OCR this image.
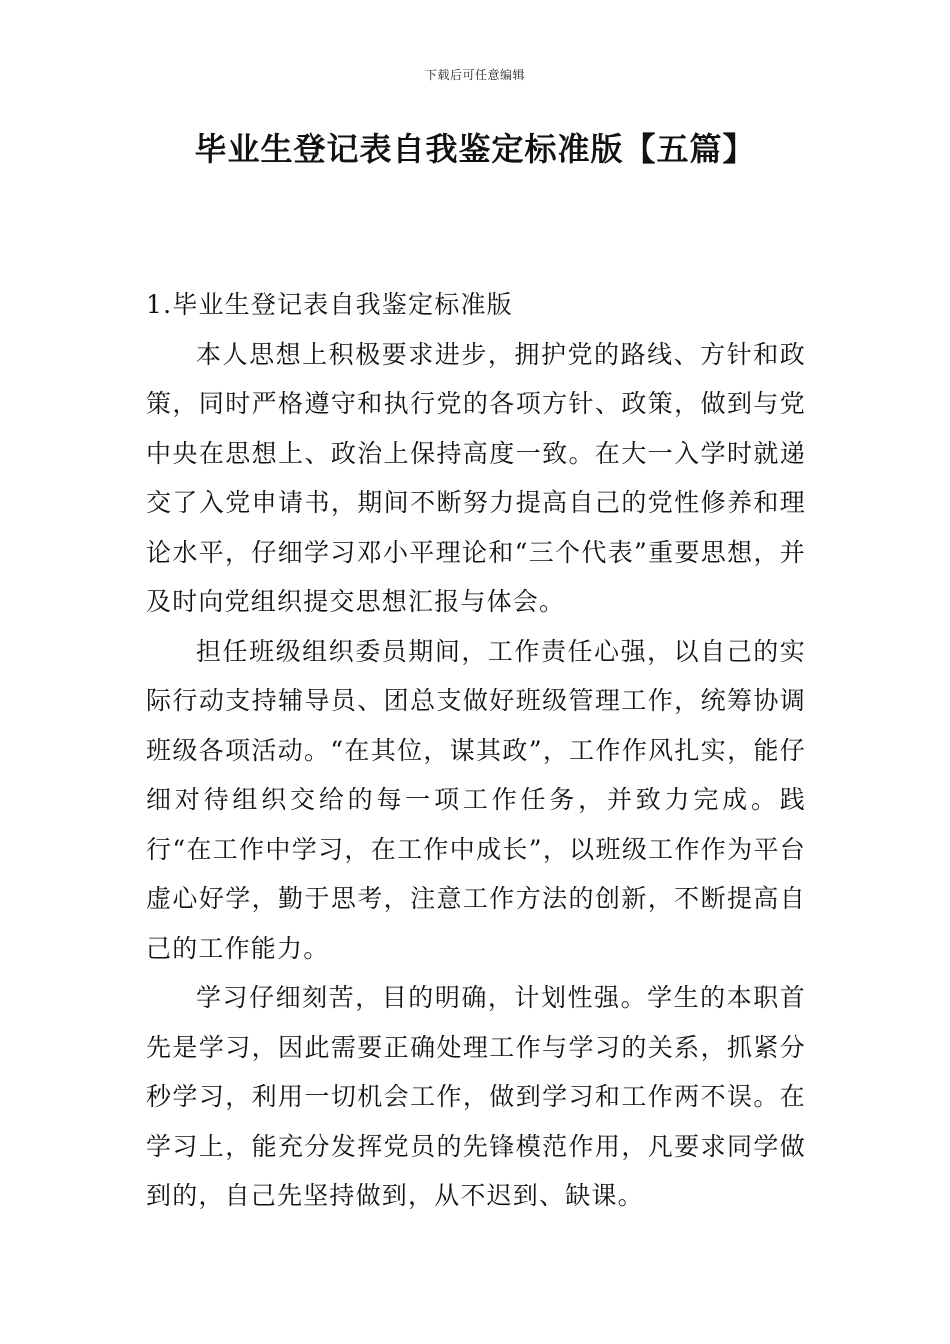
下载后可任意编辑
毕业生登记表自我鉴定标准版【五篇】

1.毕业生登记表自我鉴定标准版

本人思想上积极要求进步，拥护党的路线、方针和政策，同时严格遵守和执行党的各项方针、政策，做到与党中央在思想上、政治上保持高度一致。在大一入学时就递交了入党申请书，期间不断努力提高自己的党性修养和理论水平，仔细学习邓小平理论和“三个代表”重要思想，并及时向党组织提交思想汇报与体会。

担任班级组织委员期间，工作责任心强，以自己的实际行动支持辅导员、团总支做好班级管理工作，统筹协调班级各项活动。“在其位，谋其政”，工作作风扎实，能仔细对待组织交给的每一项工作任务，并致力完成。践行“在工作中学习，在工作中成长”，以班级工作作为平台虚心好学，勤于思考，注意工作方法的创新，不断提高自己的工作能力。

学习仔细刻苦，目的明确，计划性强。学生的本职首先是学习，因此需要正确处理工作与学习的关系，抓紧分秒学习，利用一切机会工作，做到学习和工作两不误。在学习上，能充分发挥党员的先锋模范作用，凡要求同学做到的，自己先坚持做到，从不迟到、缺课。
